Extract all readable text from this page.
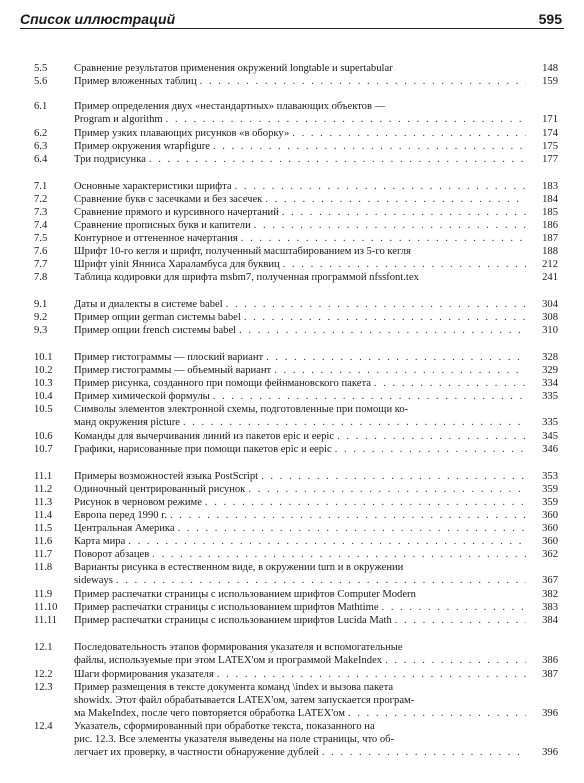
Список иллюстраций	595
5.5	Сравнение результатов применения окружений longtable и supertabular	148
5.6	Пример вложенных таблиц . . .	159
6.1	Пример определения двух «нестандартных» плавающих объектов —
Program и algorithm . . .	171
6.2	Пример узких плавающих рисунков «в оборку» . . .	174
6.3	Пример окружения wrapfigure . . .	175
6.4	Три подрисунка . . .	177
7.1	Основные характеристики шрифта . . .	183
7.2	Сравнение букв с засечками и без засечек . . .	184
7.3	Сравнение прямого и курсивного начертаний . . .	185
7.4	Сравнение прописных букв и капители . . .	186
7.5	Контурное и оттененное начертания . . .	187
7.6	Шрифт 10-го кегля и шрифт, полученный масштабированием из 5-го кегля	188
7.7	Шрифт yinit Янниса Хараламбуса для буквиц . . .	212
7.8	Таблица кодировки для шрифта msbm7, полученная программой nfssfont.tex	241
9.1	Даты и диалекты в системе babel . . .	304
9.2	Пример опции german системы babel . . .	308
9.3	Пример опции french системы babel . . .	310
10.1 Пример гистограммы — плоский вариант . . .	328
10.2 Пример гистограммы — объемный вариант . . .	329
10.3 Пример рисунка, созданного при помощи фейнмановского пакета . . .	334
10.4 Пример химической формулы . . .	335
10.5 Символы элементов электронной схемы, подготовленные при помощи ко-
манд окружения picture . . .	335
10.6 Команды для вычерчивания линий из пакетов epic и eepic . . .	345
10.7 Графики, нарисованные при помощи пакетов epic и eepic . . .	346
11.1 Примеры возможностей языка PostScript . . .	353
11.2 Одиночный центрированный рисунок . . .	359
11.3 Рисунок в черновом режиме . . .	359
11.4 Европа перед 1990 г. . . .	360
11.5 Центральная Америка . . .	360
11.6 Карта мира . . .	360
11.7 Поворот абзацев . . .	362
11.8 Варианты рисунка в естественном виде, в окружении turn и в окружении
sideways . . .	367
11.9 Пример распечатки страницы с использованием шрифтов Computer Modern	382
11.10 Пример распечатки страницы с использованием шрифтов Mathtime . . .	383
11.11 Пример распечатки страницы с использованием шрифтов Lucida Math . . .	384
12.1 Последовательность этапов формирования указателя и вспомогательные
файлы, используемые при этом LATEX'ом и программой MakeIndex . . .	386
12.2 Шаги формирования указателя . . .	387
12.3 Пример размещения в тексте документа команд \index и вызова пакета
showidx. Этот файл обрабатывается LATEX'ом, затем запускается програм-
ма MakeIndex, после чего повторяется обработка LATEX'ом . . .	396
12.4 Указатель, сформированный при обработке текста, показанного на
рис. 12.3. Все элементы указателя выведены на поле страницы, что об-
легчает их проверку, в частности обнаружение дублей . . .	396
